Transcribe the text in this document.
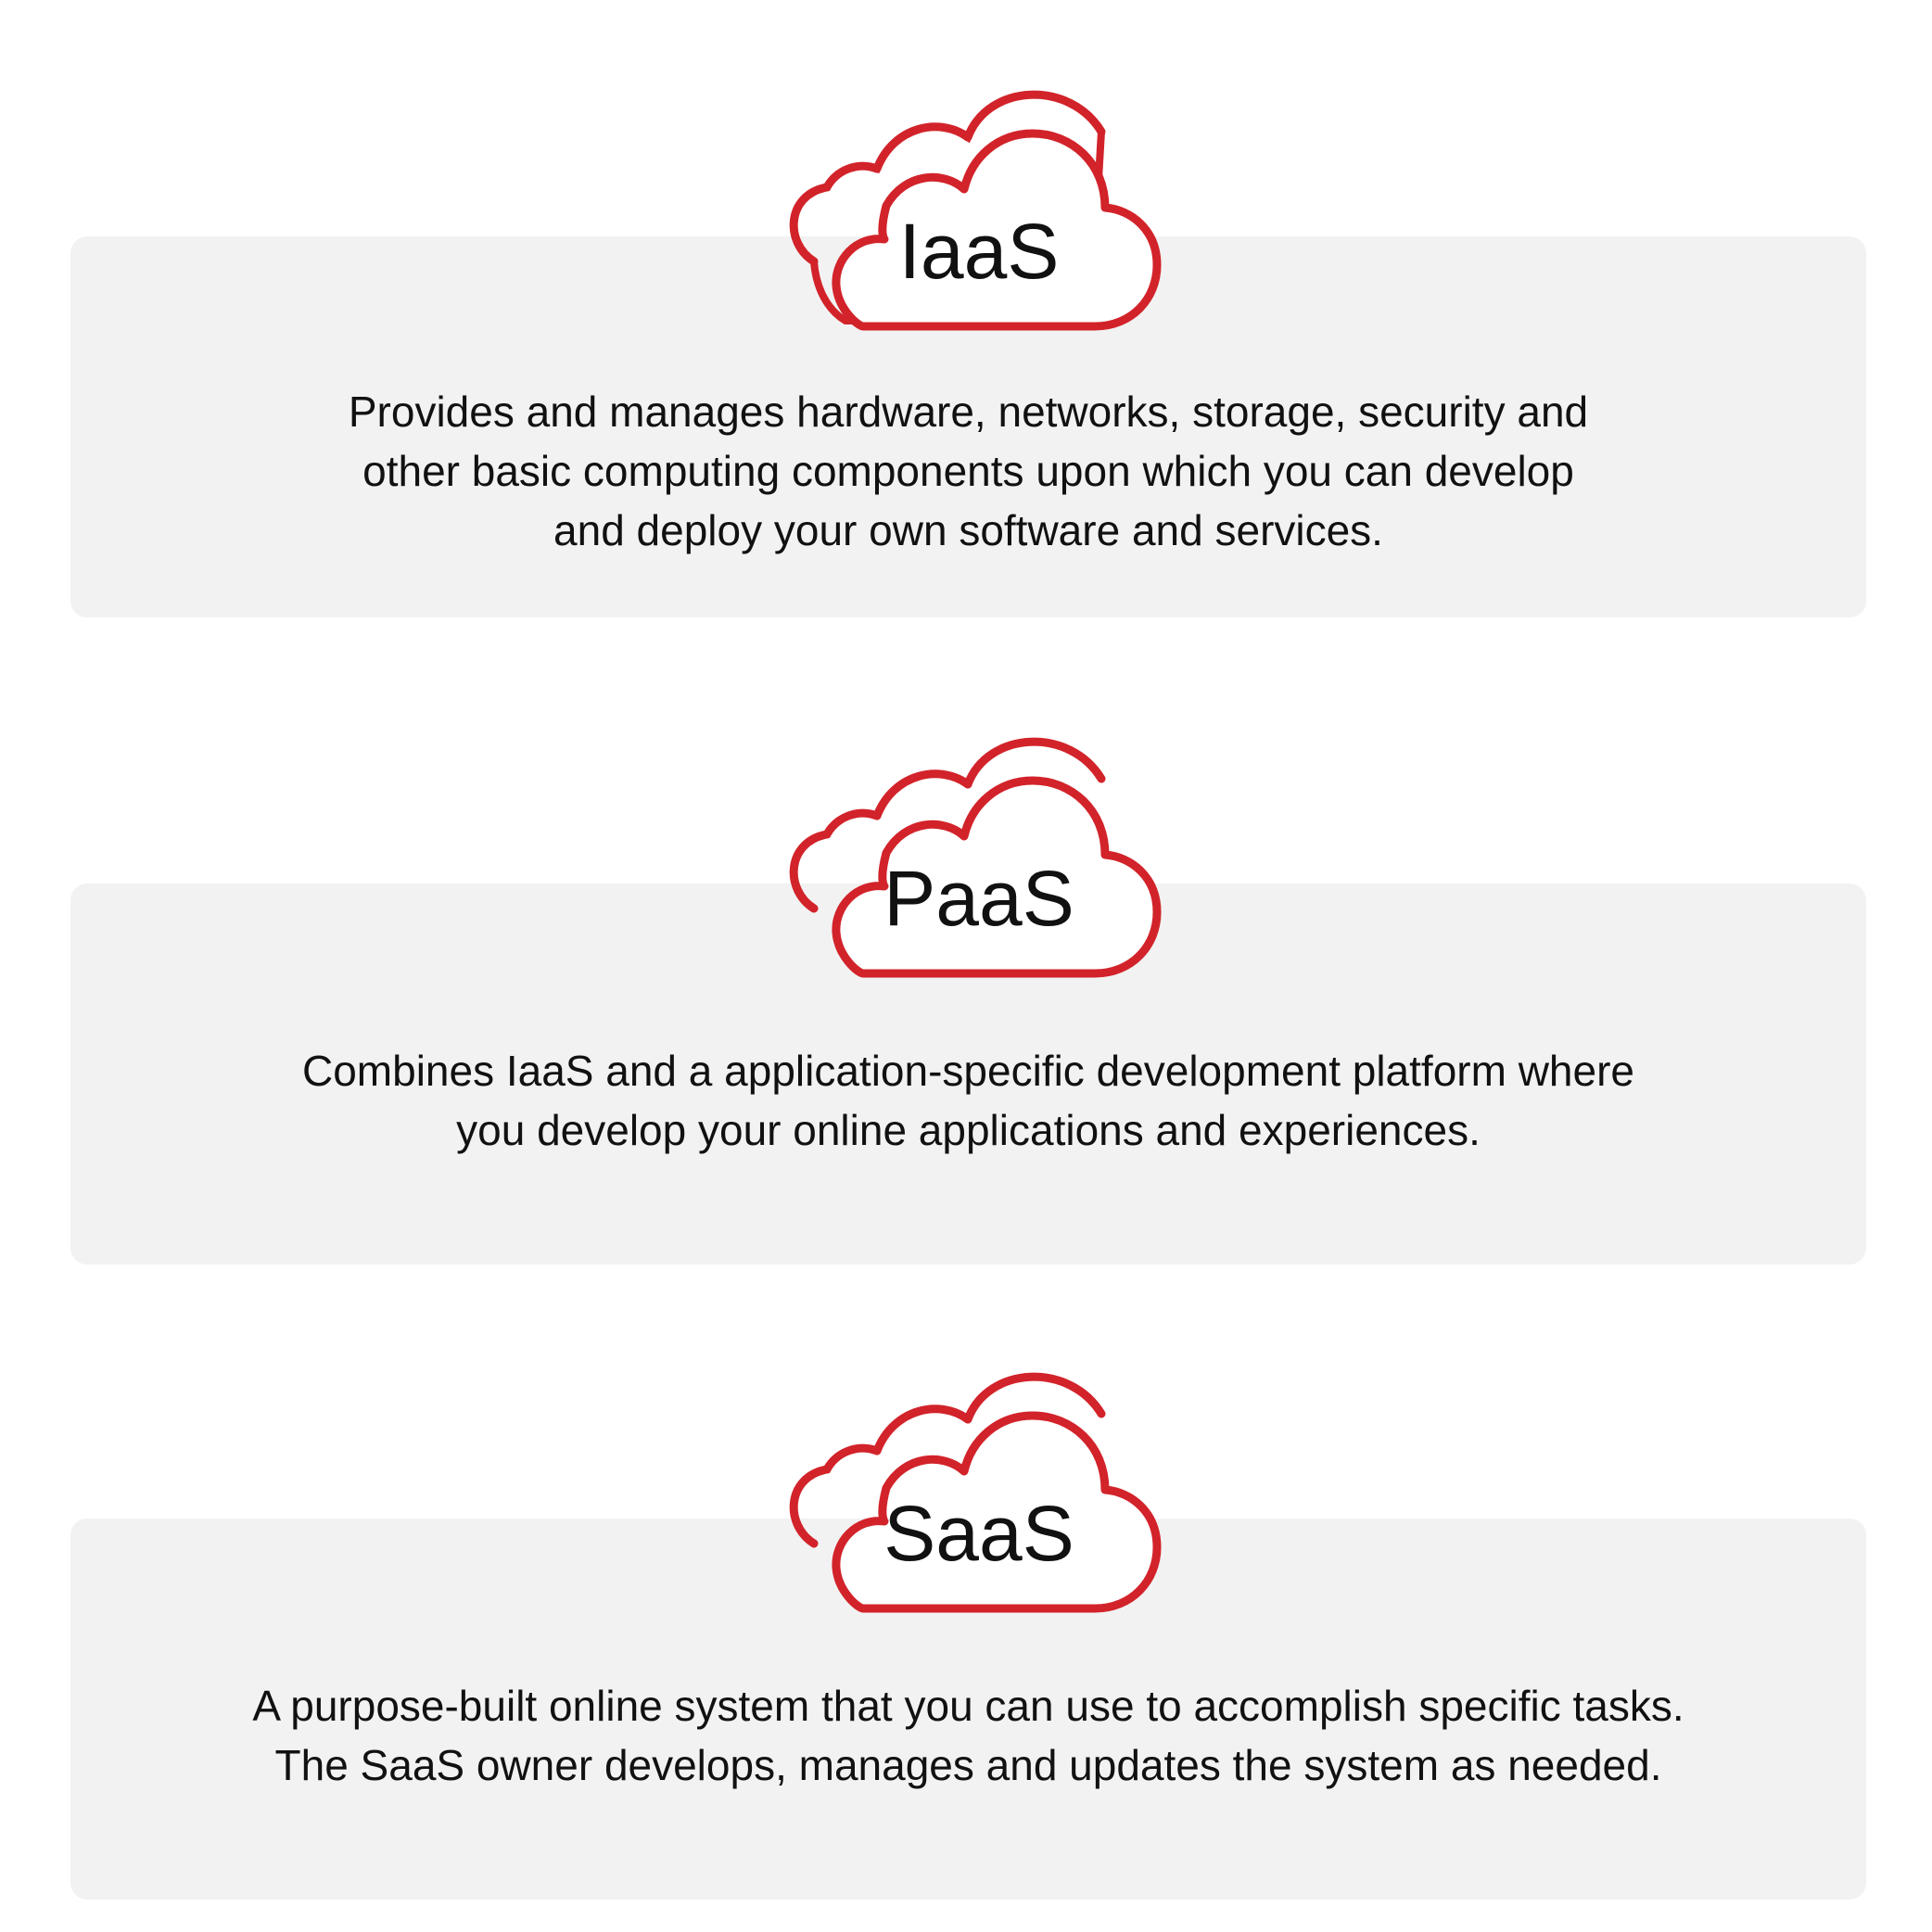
Provides and manages hardware, networks, storage, security and
other basic computing components upon which you can develop
and deploy your own software and services.
IaaS
Combines IaaS and a application-specific development platform where
you develop your online applications and experiences.
PaaS
A purpose-built online system that you can use to accomplish specific tasks.
The SaaS owner develops, manages and updates the system as needed.
SaaS
